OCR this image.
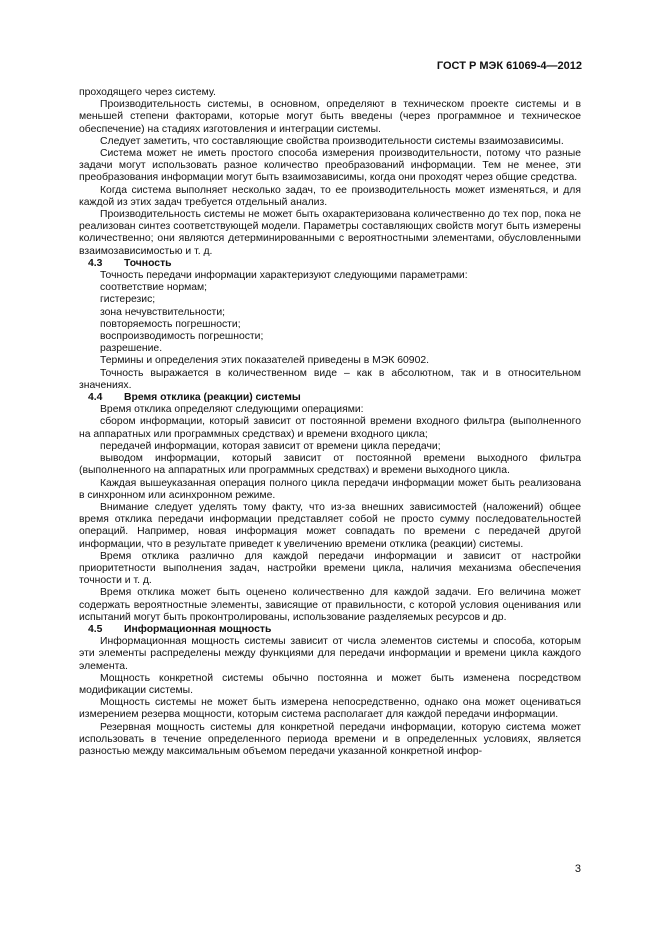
ГОСТ Р МЭК 61069-4—2012

проходящего через систему.

Производительность системы, в основном, определяют в техническом проекте системы и в меньшей степени факторами, которые могут быть введены (через программное и техническое обеспечение) на стадиях изготовления и интеграции системы.

Следует заметить, что составляющие свойства производительности системы взаимозависимы.

Система может не иметь простого способа измерения производительности, потому что разные задачи могут использовать разное количество преобразований информации. Тем не менее, эти преобразования информации могут быть взаимозависимы, когда они проходят через общие средства.

Когда система выполняет несколько задач, то ее производительность может изменяться, и для каждой из этих задач требуется отдельный анализ.

Производительность системы не может быть охарактеризована количественно до тех пор, пока не реализован синтез соответствующей модели. Параметры составляющих свойств могут быть измерены количественно; они являются детерминированными с вероятностными элементами, обусловленными взаимозависимостью и т. д.

4.3 Точность

Точность передачи информации характеризуют следующими параметрами:

соответствие нормам;

гистерезис;

зона нечувствительности;

повторяемость погрешности;

воспроизводимость погрешности;

разрешение.

Термины и определения этих показателей приведены в МЭК 60902.

Точность выражается в количественном виде – как в абсолютном, так и в относительном значениях.

4.4 Время отклика (реакции) системы

Время отклика определяют следующими операциями:

сбором информации, который зависит от постоянной времени входного фильтра (выполненного на аппаратных или программных средствах) и времени входного цикла;

передачей информации, которая зависит от времени цикла передачи;

выводом информации, который зависит от постоянной времени выходного фильтра (выполненного на аппаратных или программных средствах) и времени выходного цикла.

Каждая вышеуказанная операция полного цикла передачи информации может быть реализована в синхронном или асинхронном режиме.

Внимание следует уделять тому факту, что из-за внешних зависимостей (наложений) общее время отклика передачи информации представляет собой не просто сумму последовательностей операций. Например, новая информация может совпадать по времени с передачей другой информации, что в результате приведет к увеличению времени отклика (реакции) системы.

Время отклика различно для каждой передачи информации и зависит от настройки приоритетности выполнения задач, настройки времени цикла, наличия механизма обеспечения точности и т. д.

Время отклика может быть оценено количественно для каждой задачи. Его величина может содержать вероятностные элементы, зависящие от правильности, с которой условия оценивания или испытаний могут быть проконтролированы, использование разделяемых ресурсов и др.

4.5 Информационная мощность

Информационная мощность системы зависит от числа элементов системы и способа, которым эти элементы распределены между функциями для передачи информации и времени цикла каждого элемента.

Мощность конкретной системы обычно постоянна и может быть изменена посредством модификации системы.

Мощность системы не может быть измерена непосредственно, однако она может оцениваться измерением резерва мощности, которым система располагает для каждой передачи информации.

Резервная мощность системы для конкретной передачи информации, которую система может использовать в течение определенного периода времени и в определенных условиях, является разностью между максимальным объемом передачи указанной конкретной инфор-

3
